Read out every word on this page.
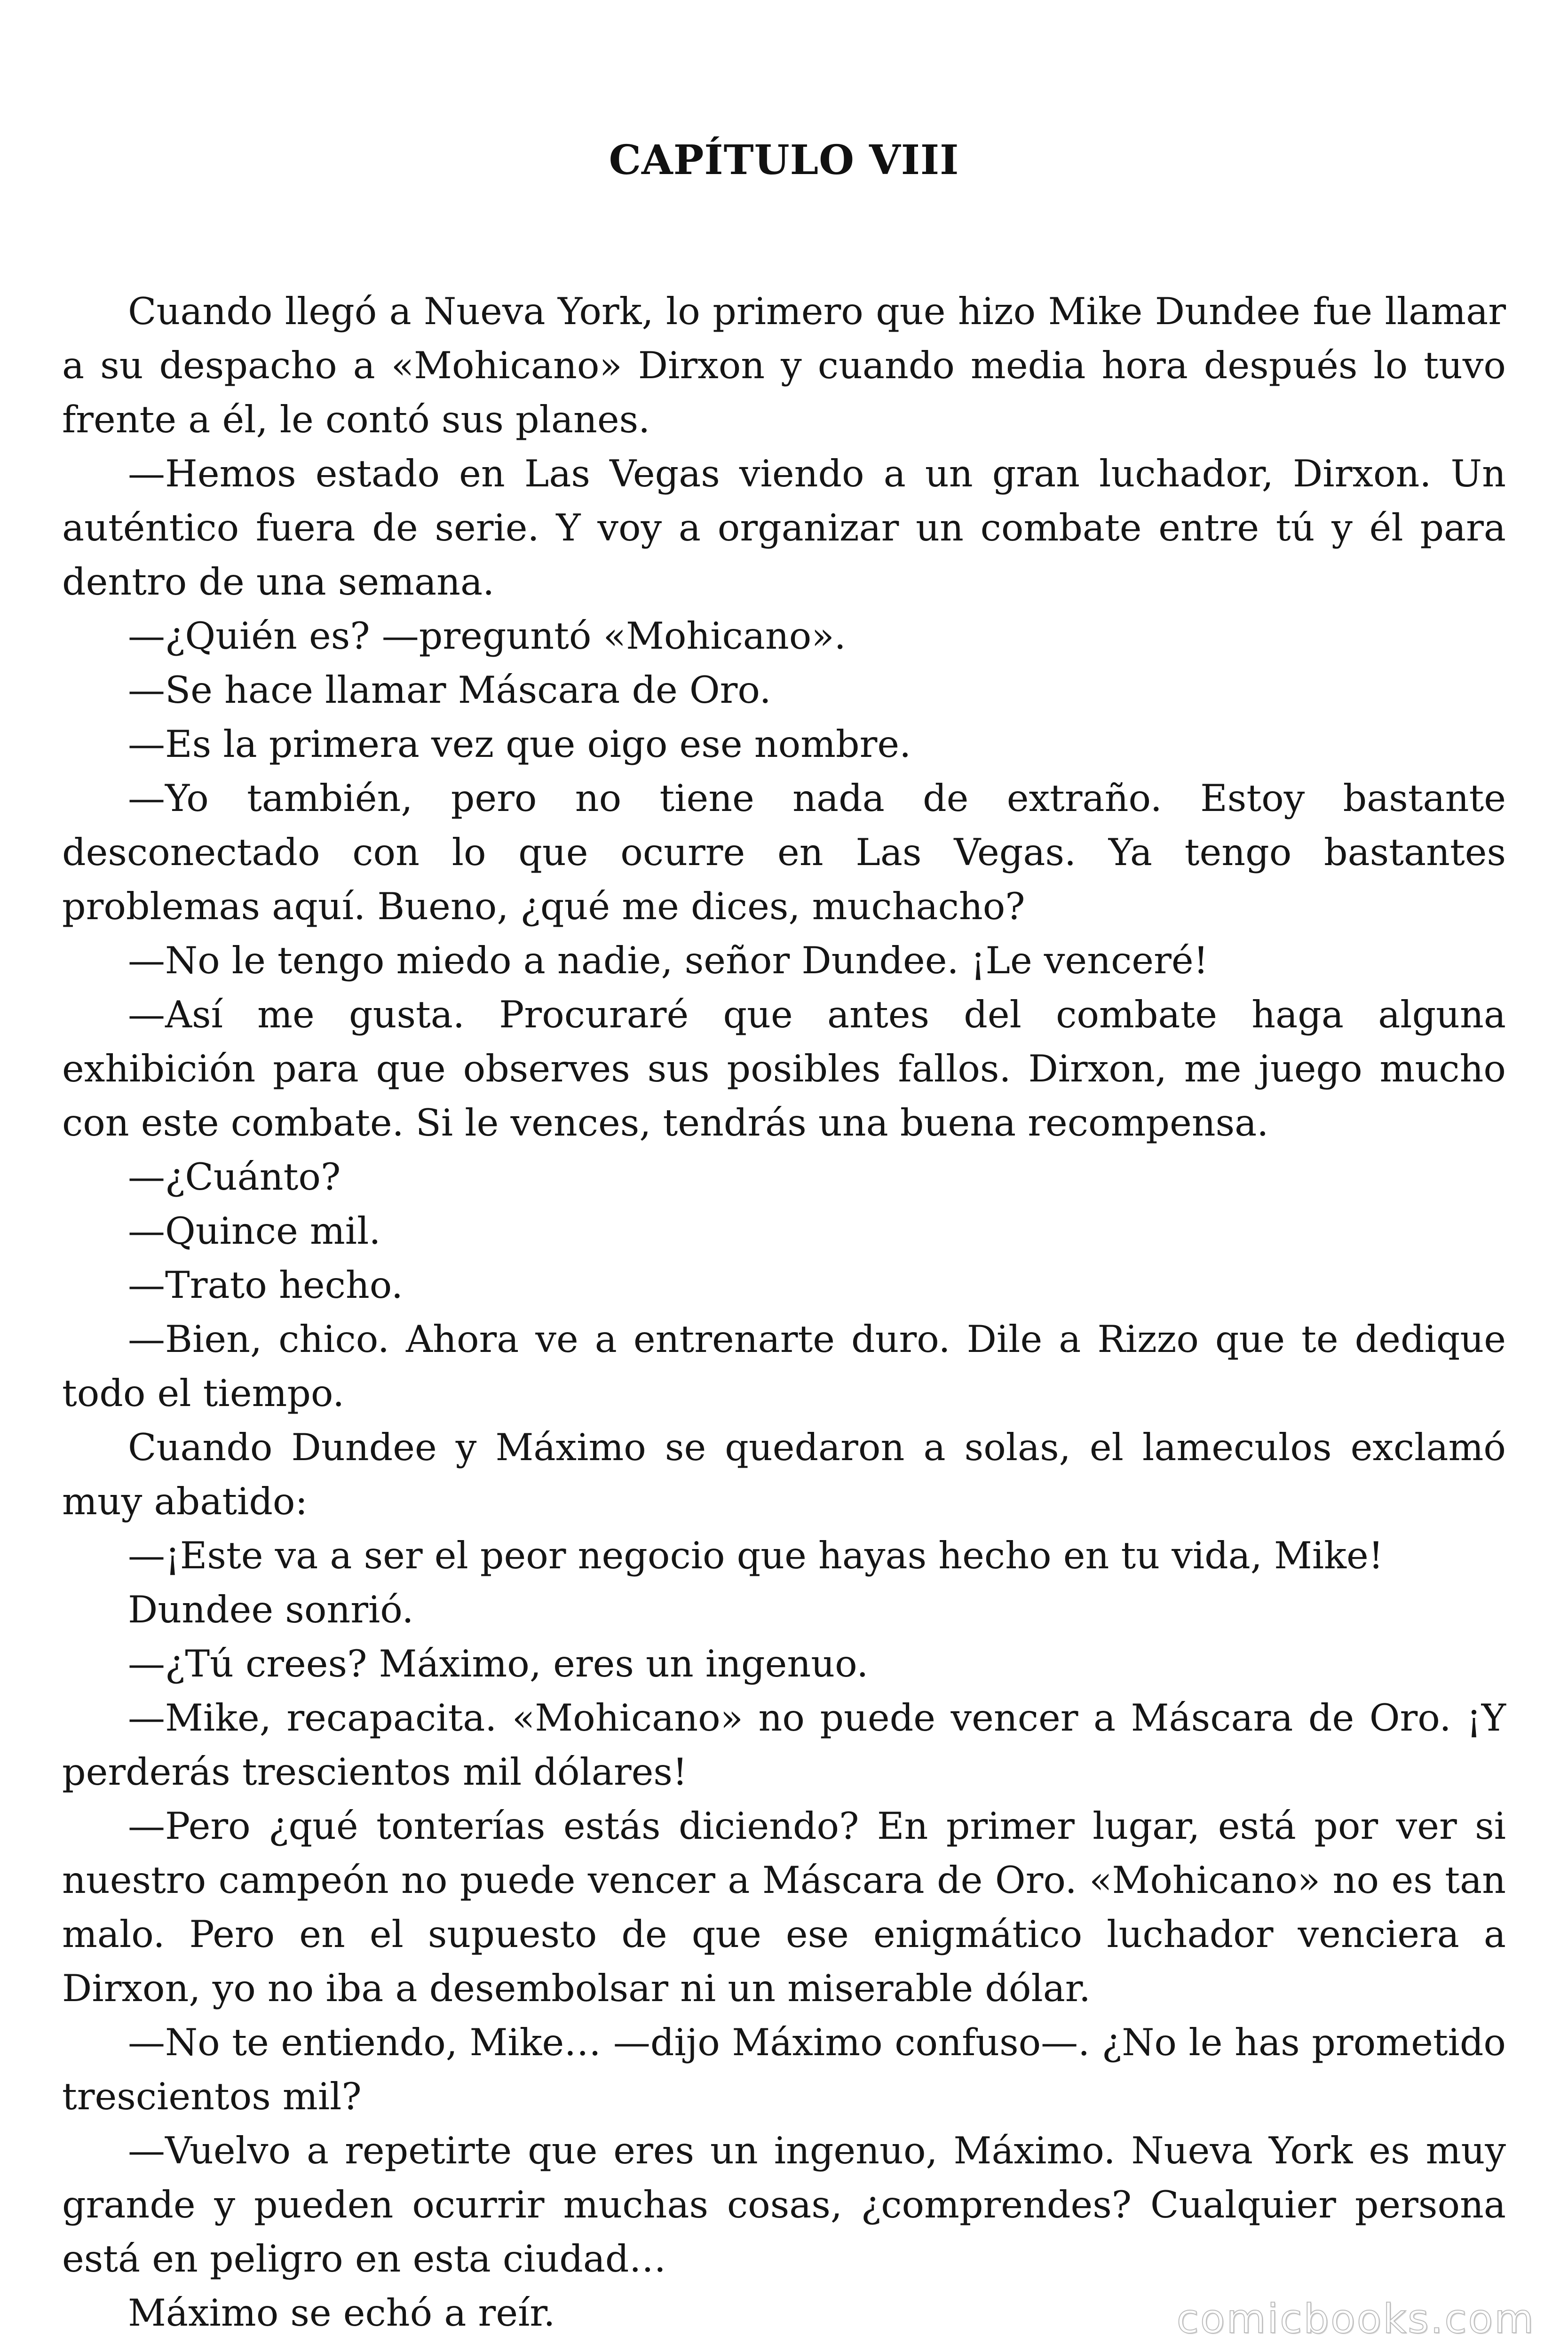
CAPÍTULO VIII

Cuando llegó a Nueva York, lo primero que hizo Mike Dundee fue llamar a su despacho a «Mohicano» Dirxon y cuando media hora después lo tuvo frente a él, le contó sus planes.

—Hemos estado en Las Vegas viendo a un gran luchador, Dirxon. Un auténtico fuera de serie. Y voy a organizar un combate entre tú y él para dentro de una semana.

—¿Quién es? —preguntó «Mohicano».

—Se hace llamar Máscara de Oro.

—Es la primera vez que oigo ese nombre.

—Yo también, pero no tiene nada de extraño. Estoy bastante desconectado con lo que ocurre en Las Vegas. Ya tengo bastantes problemas aquí. Bueno, ¿qué me dices, muchacho?

—No le tengo miedo a nadie, señor Dundee. ¡Le venceré!

—Así me gusta. Procuraré que antes del combate haga alguna exhibición para que observes sus posibles fallos. Dirxon, me juego mucho con este combate. Si le vences, tendrás una buena recompensa.

—¿Cuánto?

—Quince mil.

—Trato hecho.

—Bien, chico. Ahora ve a entrenarte duro. Dile a Rizzo que te dedique todo el tiempo.

Cuando Dundee y Máximo se quedaron a solas, el lameculos exclamó muy abatido:

—¡Este va a ser el peor negocio que hayas hecho en tu vida, Mike!

Dundee sonrió.

—¿Tú crees? Máximo, eres un ingenuo.

—Mike, recapacita. «Mohicano» no puede vencer a Máscara de Oro. ¡Y perderás trescientos mil dólares!

—Pero ¿qué tonterías estás diciendo? En primer lugar, está por ver si nuestro campeón no puede vencer a Máscara de Oro. «Mohicano» no es tan malo. Pero en el supuesto de que ese enigmático luchador venciera a Dirxon, yo no iba a desembolsar ni un miserable dólar.

—No te entiendo, Mike… —dijo Máximo confuso—. ¿No le has prometido trescientos mil?

—Vuelvo a repetirte que eres un ingenuo, Máximo. Nueva York es muy grande y pueden ocurrir muchas cosas, ¿comprendes? Cualquier persona está en peligro en esta ciudad…

Máximo se echó a reír.	comicbooks.com
